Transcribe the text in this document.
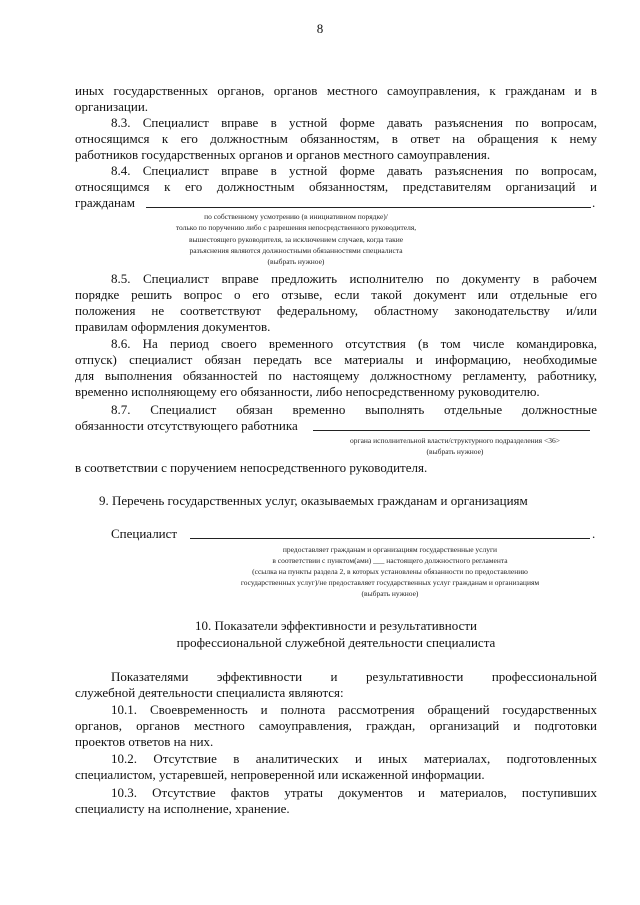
8
иных государственных органов, органов местного самоуправления, к гражданам и в
организации.
8.3. Специалист вправе в устной форме давать разъяснения по вопросам,
относящимся к его должностным обязанностям, в ответ на обращения к нему
работников государственных органов и органов местного самоуправления.
8.4. Специалист вправе в устной форме давать разъяснения по вопросам,
относящимся к его должностным обязанностям, представителям организаций и
гражданам	.
по собственному усмотрению (в инициативном порядке)/
только по поручению либо с разрешения непосредственного руководителя,
вышестоящего руководителя, за исключением случаев, когда такие
разъяснения являются должностными обязанностями специалиста
(выбрать нужное)
8.5. Специалист вправе предложить исполнителю по документу в рабочем
порядке решить вопрос о его отзыве, если такой документ или отдельные его
положения не соответствуют федеральному, областному законодательству и/или
правилам оформления документов.
8.6. На период своего временного отсутствия (в том числе командировка,
отпуск) специалист обязан передать все материалы и информацию, необходимые
для выполнения обязанностей по настоящему должностному регламенту, работнику,
временно исполняющему его обязанности, либо непосредственному руководителю.
8.7. Специалист обязан временно выполнять отдельные должностные
обязанности отсутствующего работника
органа исполнительной власти/структурного подразделения <36>
(выбрать нужное)
в соответствии с поручением непосредственного руководителя.
9. Перечень государственных услуг, оказываемых гражданам и организациям
Специалист	.
предоставляет гражданам и организациям государственные услуги
в соответствии с пунктом(ами) ___ настоящего должностного регламента
(ссылка на пункты раздела 2, в которых установлены обязанности по предоставлению
государственных услуг)/не предоставляет государственных услуг гражданам и организациям
(выбрать нужное)
10. Показатели эффективности и результативности
профессиональной служебной деятельности специалиста
Показателями эффективности и результативности профессиональной
служебной деятельности специалиста являются:
10.1. Своевременность и полнота рассмотрения обращений государственных
органов, органов местного самоуправления, граждан, организаций и подготовки
проектов ответов на них.
10.2. Отсутствие в аналитических и иных материалах, подготовленных
специалистом, устаревшей, непроверенной или искаженной информации.
10.3. Отсутствие фактов утраты документов и материалов, поступивших
специалисту на исполнение, хранение.
